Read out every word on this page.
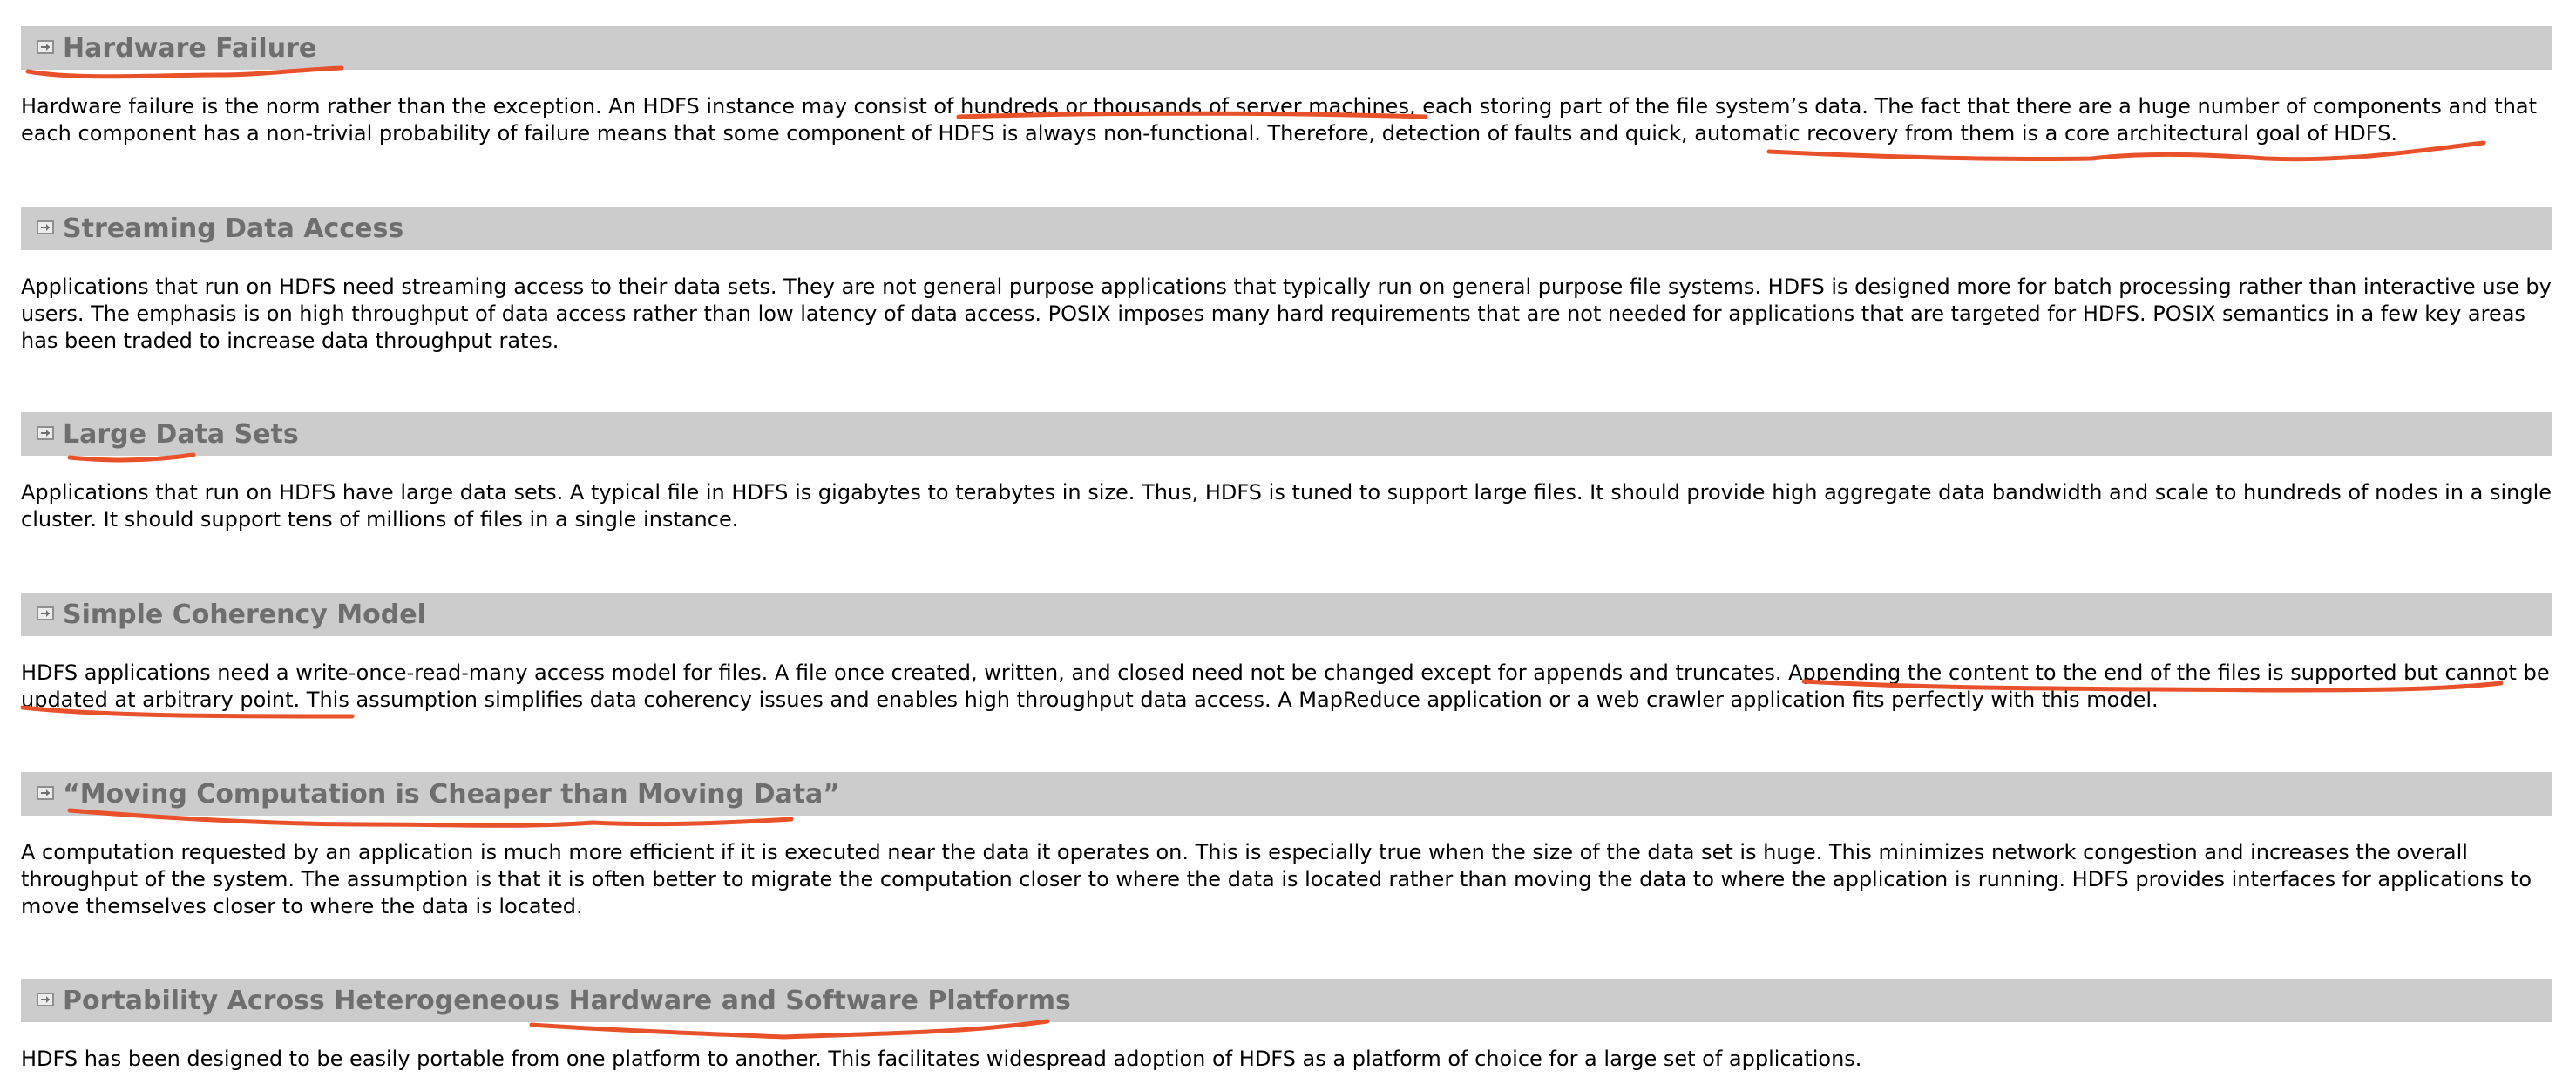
Hardware Failure

Hardware failure is the norm rather than the exception. An HDFS instance may consist of hundreds or thousands of server machines, each storing part of the file system’s data. The fact that there are a huge number of components and that each component has a non-trivial probability of failure means that some component of HDFS is always non-functional. Therefore, detection of faults and quick, automatic recovery from them is a core architectural goal of HDFS.

Streaming Data Access

Applications that run on HDFS need streaming access to their data sets. They are not general purpose applications that typically run on general purpose file systems. HDFS is designed more for batch processing rather than interactive use by users. The emphasis is on high throughput of data access rather than low latency of data access. POSIX imposes many hard requirements that are not needed for applications that are targeted for HDFS. POSIX semantics in a few key areas has been traded to increase data throughput rates.

Large Data Sets

Applications that run on HDFS have large data sets. A typical file in HDFS is gigabytes to terabytes in size. Thus, HDFS is tuned to support large files. It should provide high aggregate data bandwidth and scale to hundreds of nodes in a single cluster. It should support tens of millions of files in a single instance.

Simple Coherency Model

HDFS applications need a write-once-read-many access model for files. A file once created, written, and closed need not be changed except for appends and truncates. Appending the content to the end of the files is supported but cannot be updated at arbitrary point. This assumption simplifies data coherency issues and enables high throughput data access. A MapReduce application or a web crawler application fits perfectly with this model.

“Moving Computation is Cheaper than Moving Data”

A computation requested by an application is much more efficient if it is executed near the data it operates on. This is especially true when the size of the data set is huge. This minimizes network congestion and increases the overall throughput of the system. The assumption is that it is often better to migrate the computation closer to where the data is located rather than moving the data to where the application is running. HDFS provides interfaces for applications to move themselves closer to where the data is located.

Portability Across Heterogeneous Hardware and Software Platforms

HDFS has been designed to be easily portable from one platform to another. This facilitates widespread adoption of HDFS as a platform of choice for a large set of applications.
